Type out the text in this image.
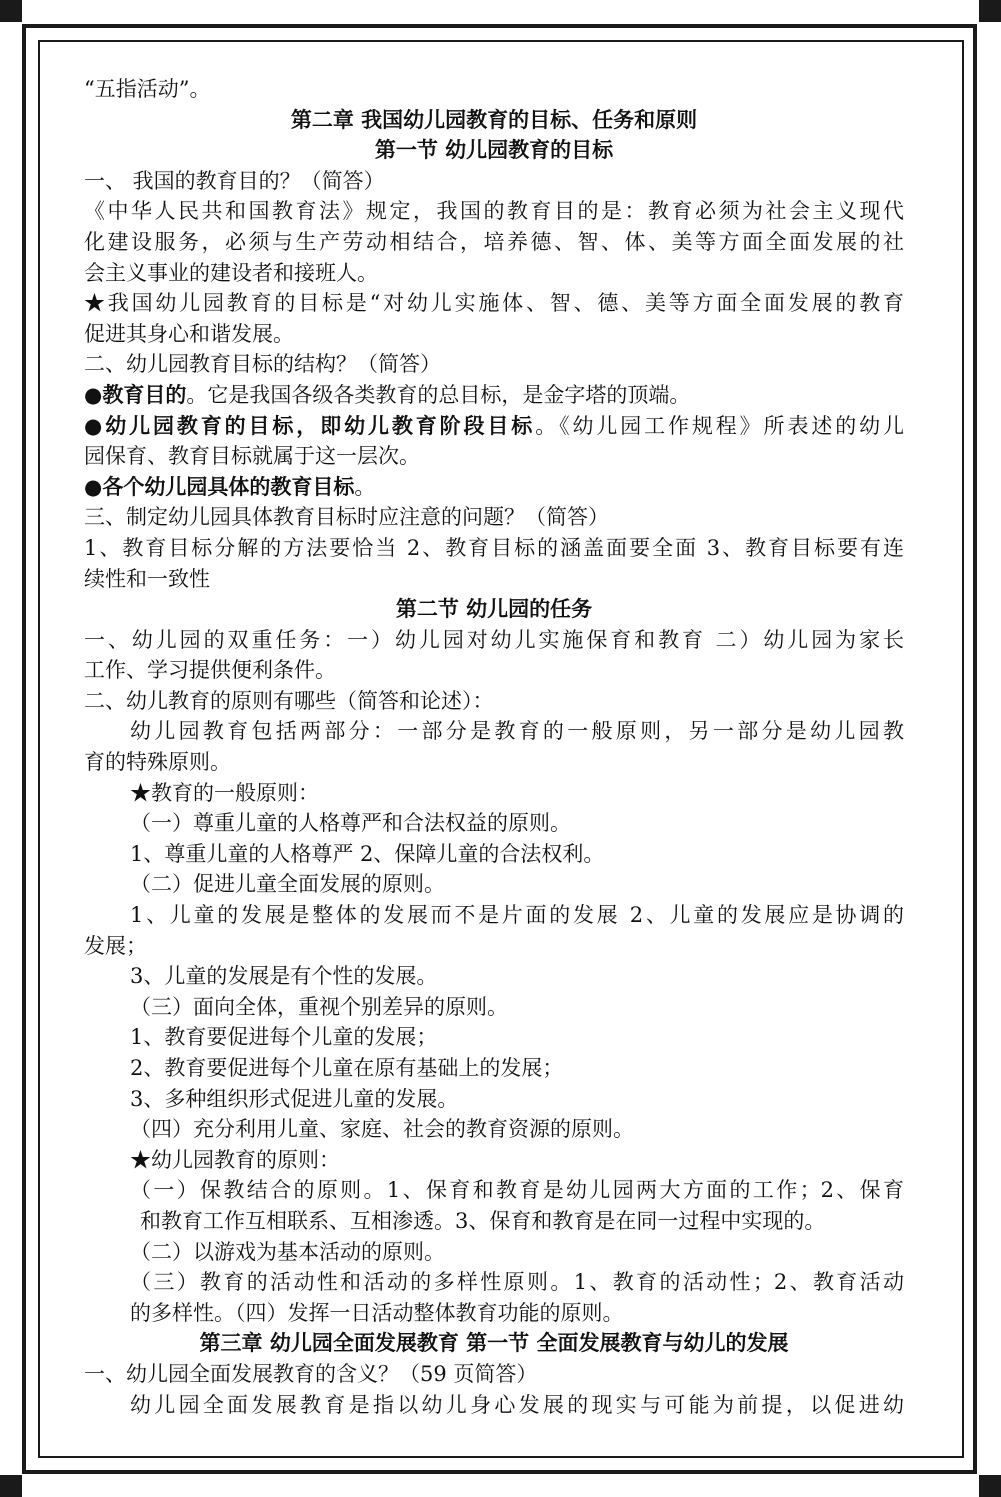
“五指活动”。
第二章 我国幼儿园教育的目标、任务和原则
第一节 幼儿园教育的目标
一、 我国的教育目的？（简答）
《中华人民共和国教育法》规定，我国的教育目的是：教育必须为社会主义现代
化建设服务，必须与生产劳动相结合，培养德、智、体、美等方面全面发展的社
会主义事业的建设者和接班人。
★我国幼儿园教育的目标是“对幼儿实施体、智、德、美等方面全面发展的教育
促进其身心和谐发展。
二、幼儿园教育目标的结构？（简答）
●教育目的。它是我国各级各类教育的总目标，是金字塔的顶端。
●幼儿园教育的目标，即幼儿教育阶段目标。《幼儿园工作规程》所表述的幼儿
园保育、教育目标就属于这一层次。
●各个幼儿园具体的教育目标。
三、制定幼儿园具体教育目标时应注意的问题？（简答）
1、教育目标分解的方法要恰当 2、教育目标的涵盖面要全面 3、教育目标要有连
续性和一致性
第二节 幼儿园的任务
一、幼儿园的双重任务：一）幼儿园对幼儿实施保育和教育 二）幼儿园为家长
工作、学习提供便利条件。
二、幼儿教育的原则有哪些（简答和论述）：
幼儿园教育包括两部分：一部分是教育的一般原则，另一部分是幼儿园教
育的特殊原则。
★教育的一般原则：
（一）尊重儿童的人格尊严和合法权益的原则。
1、尊重儿童的人格尊严 2、保障儿童的合法权利。
（二）促进儿童全面发展的原则。
1、儿童的发展是整体的发展而不是片面的发展 2、儿童的发展应是协调的
发展；
3、儿童的发展是有个性的发展。
（三）面向全体，重视个别差异的原则。
1、教育要促进每个儿童的发展；
2、教育要促进每个儿童在原有基础上的发展；
3、多种组织形式促进儿童的发展。
（四）充分利用儿童、家庭、社会的教育资源的原则。
★幼儿园教育的原则：
（一）保教结合的原则。1、保育和教育是幼儿园两大方面的工作；2、保育
和教育工作互相联系、互相渗透。3、保育和教育是在同一过程中实现的。
（二）以游戏为基本活动的原则。
（三）教育的活动性和活动的多样性原则。1、教育的活动性；2、教育活动
的多样性。（四）发挥一日活动整体教育功能的原则。
第三章 幼儿园全面发展教育 第一节 全面发展教育与幼儿的发展
一、幼儿园全面发展教育的含义？（59 页简答）
幼儿园全面发展教育是指以幼儿身心发展的现实与可能为前提，以促进幼
